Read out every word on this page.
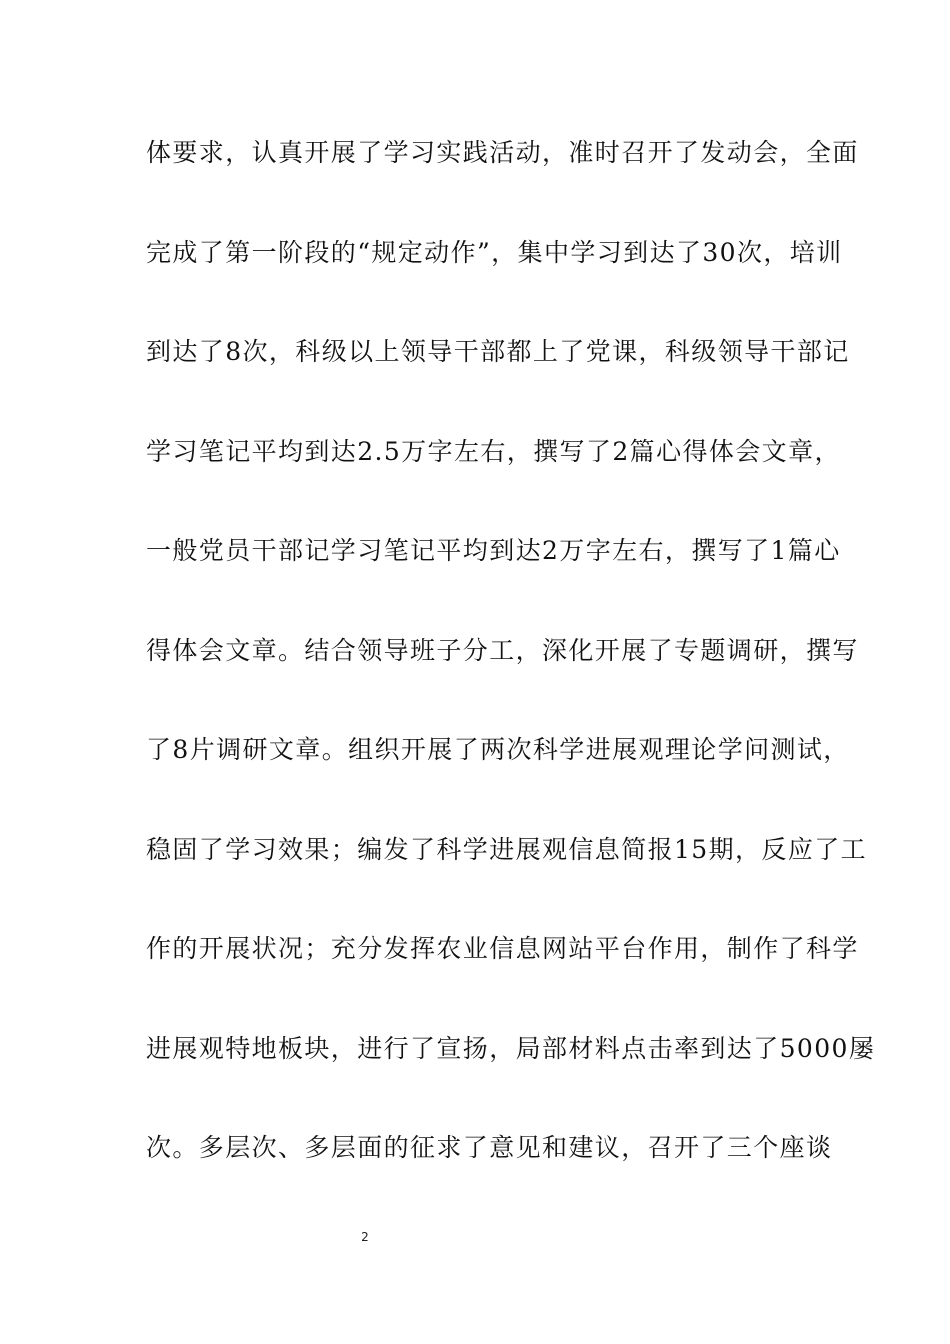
体要求，认真开展了学习实践活动，准时召开了发动会，全面
完成了第一阶段的“规定动作”，集中学习到达了30次，培训
到达了8次，科级以上领导干部都上了党课，科级领导干部记
学习笔记平均到达2.5万字左右，撰写了2篇心得体会文章，
一般党员干部记学习笔记平均到达2万字左右，撰写了1篇心
得体会文章。结合领导班子分工，深化开展了专题调研，撰写
了8片调研文章。组织开展了两次科学进展观理论学问测试，
稳固了学习效果；编发了科学进展观信息简报15期，反应了工
作的开展状况；充分发挥农业信息网站平台作用，制作了科学
进展观特地板块，进行了宣扬，局部材料点击率到达了5000屡
次。多层次、多层面的征求了意见和建议，召开了三个座谈
2
